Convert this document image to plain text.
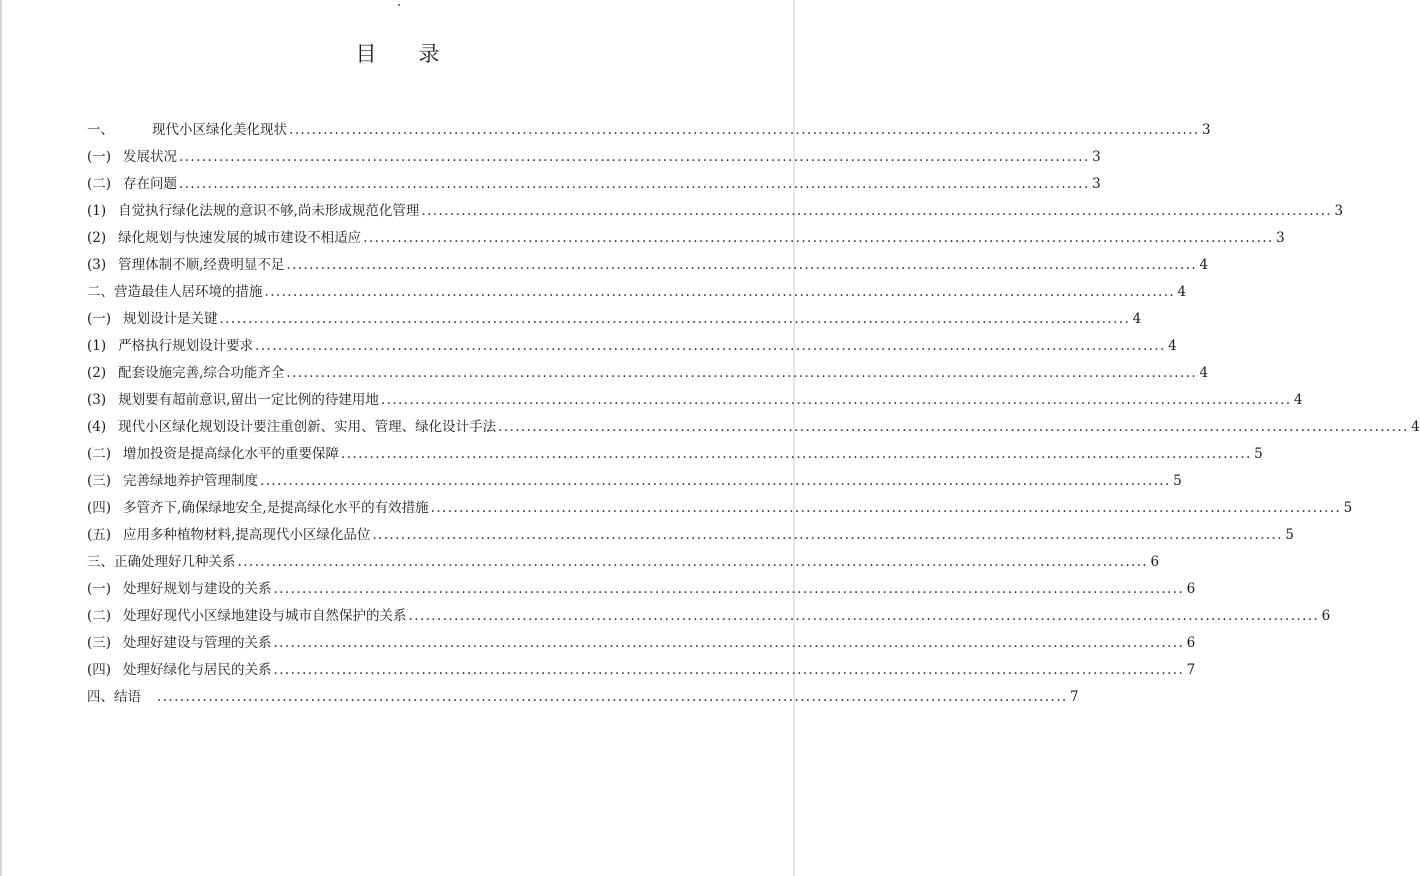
目录
一、	现代小区绿化美化现状 ................................................................................................................................................................ 3
(一) 发展状况 ................................................................................................................................................................ 3
(二) 存在问题 ................................................................................................................................................................ 3
(1) 自觉执行绿化法规的意识不够,尚未形成规范化管理 ................................................................................................................................................................ 3
(2) 绿化规划与快速发展的城市建设不相适应 ................................................................................................................................................................ 3
(3) 管理体制不顺,经费明显不足 ................................................................................................................................................................ 4
二、 营造最佳人居环境的措施 ................................................................................................................................................................ 4
(一) 规划设计是关键 ................................................................................................................................................................ 4
(1) 严格执行规划设计要求 ................................................................................................................................................................ 4
(2) 配套设施完善,综合功能齐全 ................................................................................................................................................................ 4
(3) 规划要有超前意识,留出一定比例的待建用地 ................................................................................................................................................................ 4
(4) 现代小区绿化规划设计要注重创新、实用、管理、绿化设计手法 ................................................................................................................................................................ 4
(二) 增加投资是提高绿化水平的重要保障 ................................................................................................................................................................ 5
(三) 完善绿地养护管理制度 ................................................................................................................................................................ 5
(四) 多管齐下,确保绿地安全,是提高绿化水平的有效措施 ................................................................................................................................................................ 5
(五) 应用多种植物材料,提高现代小区绿化品位 ................................................................................................................................................................ 5
三、 正确处理好几种关系 ................................................................................................................................................................ 6
(一) 处理好规划与建设的关系 ................................................................................................................................................................ 6
(二) 处理好现代小区绿地建设与城市自然保护的关系 ................................................................................................................................................................ 6
(三) 处理好建设与管理的关系 ................................................................................................................................................................ 6
(四) 处理好绿化与居民的关系 ................................................................................................................................................................ 7
四、 结语 ................................................................................................................................................................ 7
